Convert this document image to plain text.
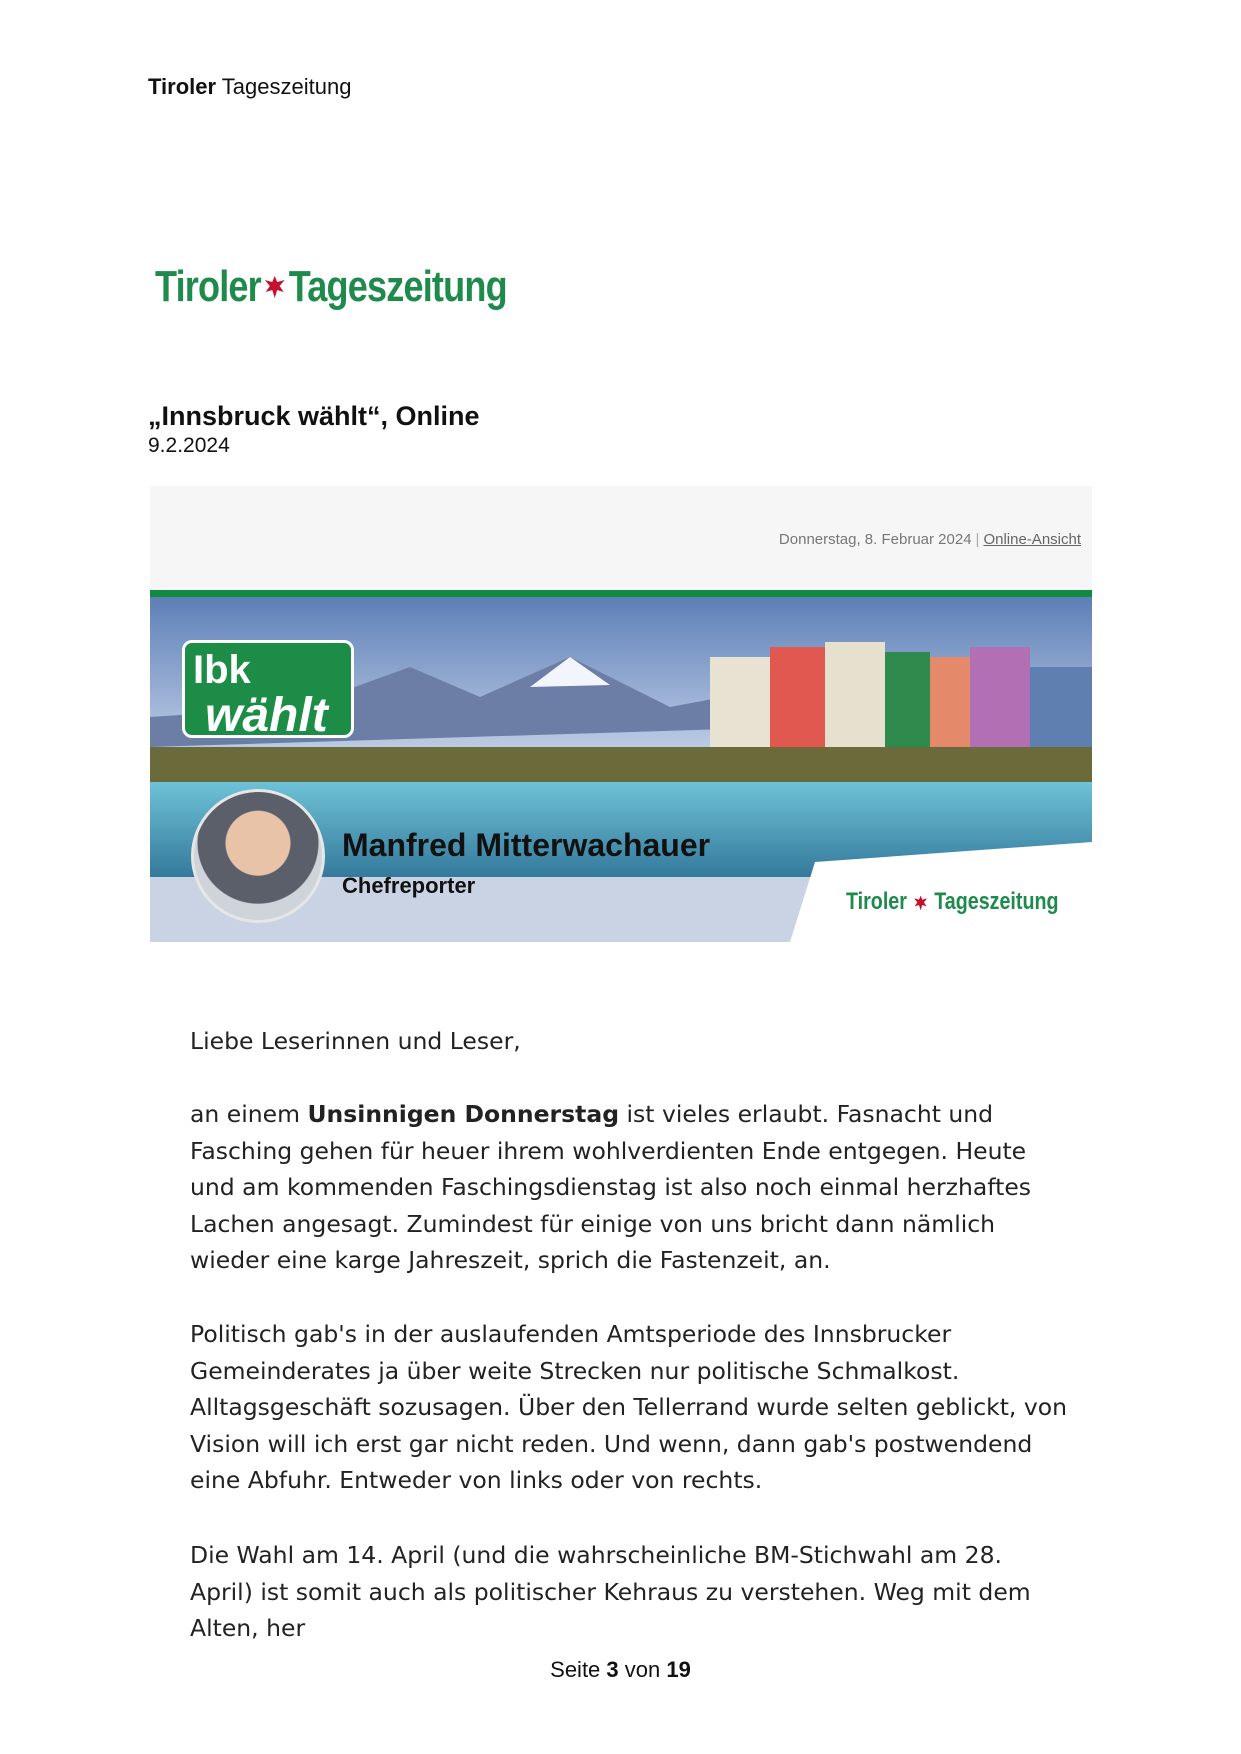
Tiroler Tageszeitung
Tiroler Tageszeitung
„Innsbruck wählt“, Online
9.2.2024
Donnerstag, 8. Februar 2024 | Online-Ansicht
Ibk
wählt
Manfred Mitterwachauer
Chefreporter
Tiroler Tageszeitung
Liebe Leserinnen und Leser,
an einem Unsinnigen Donnerstag ist vieles erlaubt. Fasnacht und Fasching gehen für heuer ihrem wohlverdienten Ende entgegen. Heute und am kommenden Faschingsdienstag ist also noch einmal herzhaftes Lachen angesagt. Zumindest für einige von uns bricht dann nämlich wieder eine karge Jahreszeit, sprich die Fastenzeit, an.
Politisch gab's in der auslaufenden Amtsperiode des Innsbrucker Gemeinderates ja über weite Strecken nur politische Schmalkost. Alltagsgeschäft sozusagen. Über den Tellerrand wurde selten geblickt, von Vision will ich erst gar nicht reden. Und wenn, dann gab's postwendend eine Abfuhr. Entweder von links oder von rechts.
Die Wahl am 14. April (und die wahrscheinliche BM-Stichwahl am 28. April) ist somit auch als politischer Kehraus zu verstehen. Weg mit dem Alten, her
Seite 3 von 19
